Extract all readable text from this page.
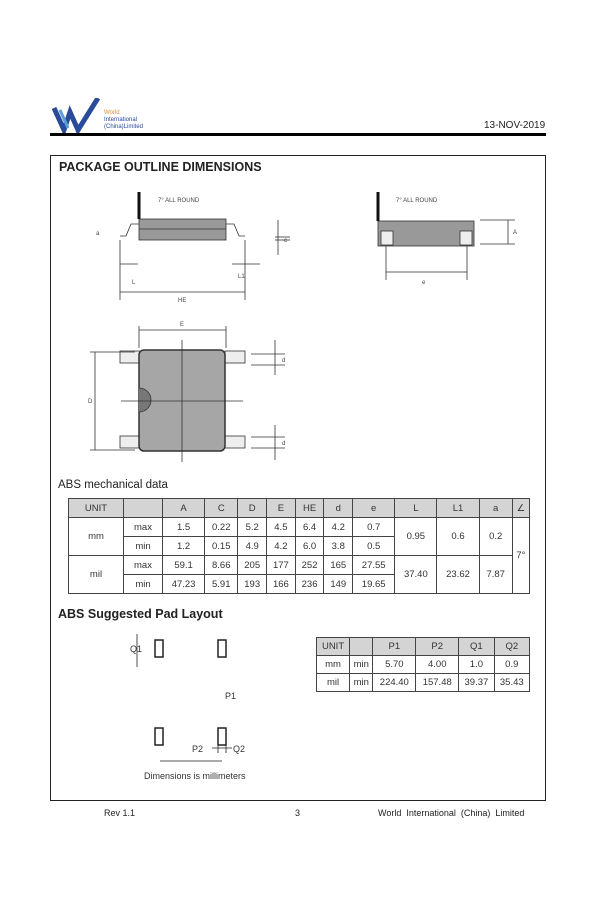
World
International
(China)Limited	13-NOV-2019
PACKAGE OUTLINE DIMENSIONS
7° ALL ROUND	7° ALL ROUND
a
c
L
L1
HE
A
e
E
D
d
d
ABS mechanical data
UNIT		A	C	D	E	HE	d	e	L	L1	a	∠
mm	max	1.5	0.22	5.2	4.5	6.4	4.2	0.7	0.95	0.6	0.2	7°
	min	1.2	0.15	4.9	4.2	6.0	3.8	0.5				
mil	max	59.1	8.66	205	177	252	165	27.55	37.40	23.62	7.87	
	min	47.23	5.91	193	166	236	149	19.65				
ABS Suggested Pad Layout
Q1
P1
P2	Q2
Dimensions is millimeters
UNIT		P1	P2	Q1	Q2
mm	min	5.70	4.00	1.0	0.9
mil	min	224.40	157.48	39.37	35.43
Rev 1.1	3	World  International  (China)  Limited
